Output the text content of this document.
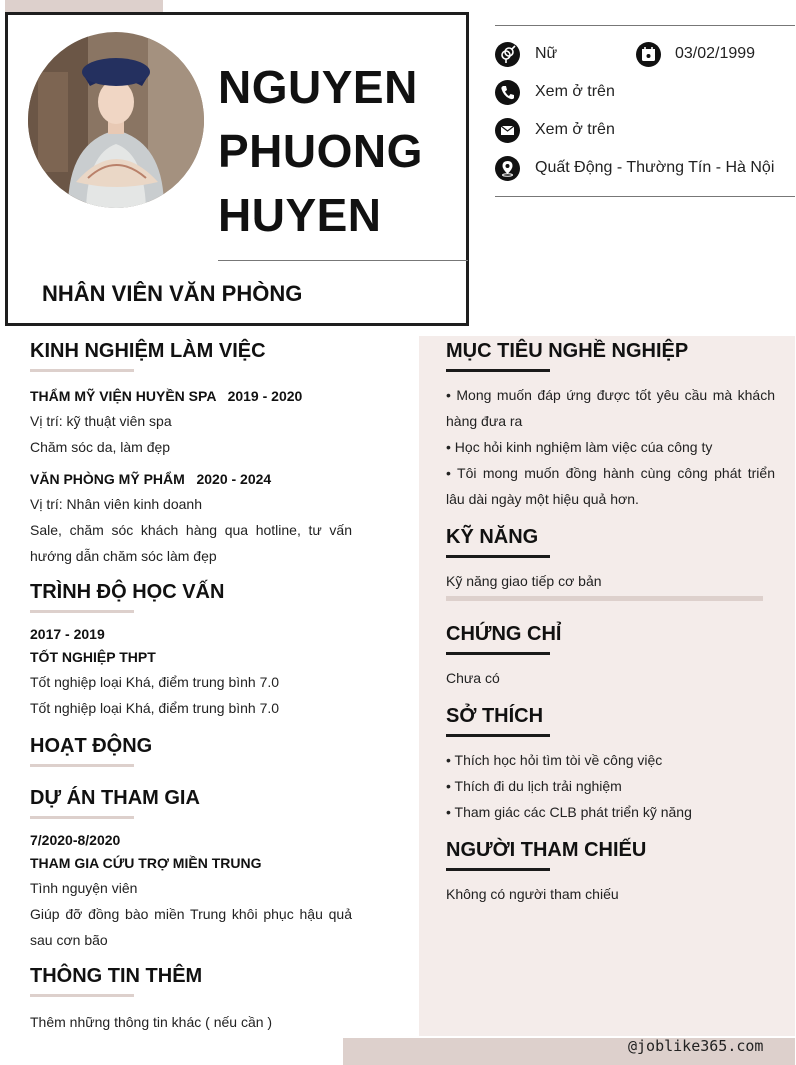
NGUYEN
PHUONG
HUYEN
NHÂN VIÊN VĂN PHÒNG
Nữ	03/02/1999
Xem ở trên
Xem ở trên
Quất Động - Thường Tín - Hà Nội
KINH NGHIỆM LÀM VIỆC
THẨM MỸ VIỆN HUYỀN SPA   2019 - 2020
Vị trí: kỹ thuật viên spa
Chăm sóc da, làm đẹp
VĂN PHÒNG MỸ PHẨM   2020 - 2024
Vị trí: Nhân viên kinh doanh
Sale, chăm sóc khách hàng qua hotline, tư vấn hướng dẫn chăm sóc làm đẹp
TRÌNH ĐỘ HỌC VẤN
2017 - 2019
TỐT NGHIỆP THPT
Tốt nghiệp loại Khá, điểm trung bình 7.0
Tốt nghiệp loại Khá, điểm trung bình 7.0
HOẠT ĐỘNG
DỰ ÁN THAM GIA
7/2020-8/2020
THAM GIA CỨU TRỢ MIỀN TRUNG
Tình nguyện viên
Giúp đỡ đồng bào miền Trung khôi phục hậu quả sau cơn bão
THÔNG TIN THÊM
Thêm những thông tin khác ( nếu cần )
MỤC TIÊU NGHỀ NGHIỆP
• Mong muốn đáp ứng được tốt yêu cầu mà khách hàng đưa ra
• Học hỏi kinh nghiệm làm việc cúa công ty
• Tôi mong muốn đồng hành cùng công phát triển lâu dài ngày một hiệu quả hơn.
KỸ NĂNG
Kỹ năng giao tiếp cơ bản
CHỨNG CHỈ
Chưa có
SỞ THÍCH
• Thích học hỏi tìm tòi về công việc
• Thích đi du lịch trải nghiệm
• Tham giác các CLB phát triển kỹ năng
NGƯỜI THAM CHIẾU
Không có người tham chiếu
@joblike365.com
